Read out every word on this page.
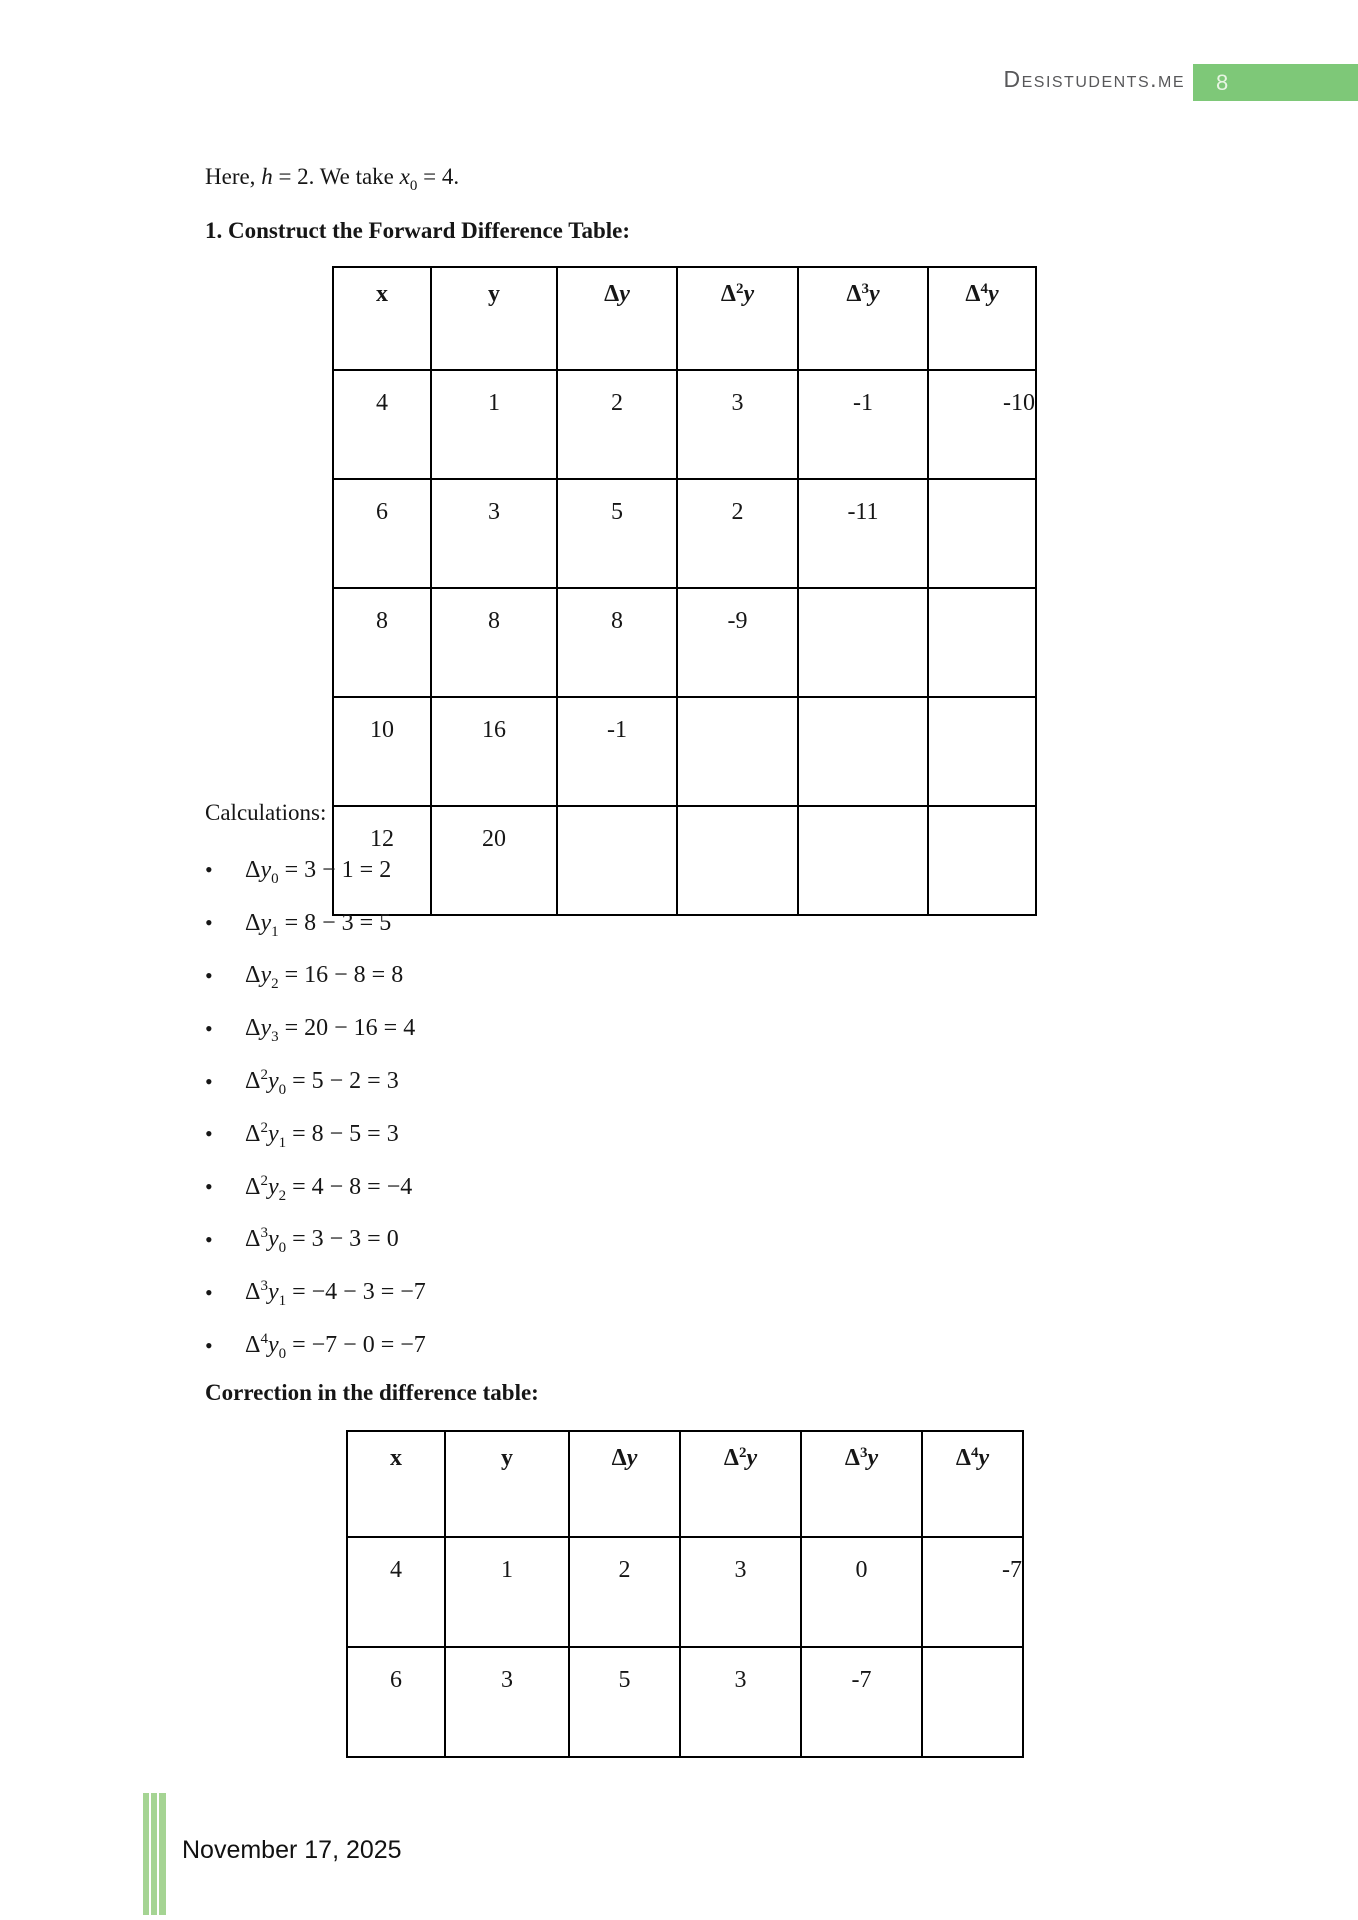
Desistudents.me	8

Here, h = 2. We take $x_0 = 4$.

1. Construct the Forward Difference Table:
x	y	Δy	$\Delta^2y$	$\Delta^3y$	$\Delta^4y$
4	1	2	3	-1	-10
6	3	5	2	-11	
8	8	8	-9		
10	16	-1			
12	20				

Calculations:

•	$\Delta y_0 = 3 - 1 = 2$
•	$\Delta y_1 = 8 - 3 = 5$
•	$\Delta y_2 = 16 - 8 = 8$
•	$\Delta y_3 = 20 - 16 = 4$
•	$\Delta^2y_0 = 5 - 2 = 3$
•	$\Delta^2y_1 = 8 - 5 = 3$
•	$\Delta^2y_2 = 4 - 8 = -4$
•	$\Delta^3y_0 = 3 - 3 = 0$
•	$\Delta^3y_1 = -4 - 3 = -7$
•	$\Delta^4y_0 = -7 - 0 = -7$
Correction in the difference table:
x	y	Δy	$\Delta^2y$	$\Delta^3y$	$\Delta^4y$
4	1	2	3	0	-7
6	3	5	3	-7	
November 17, 2025
